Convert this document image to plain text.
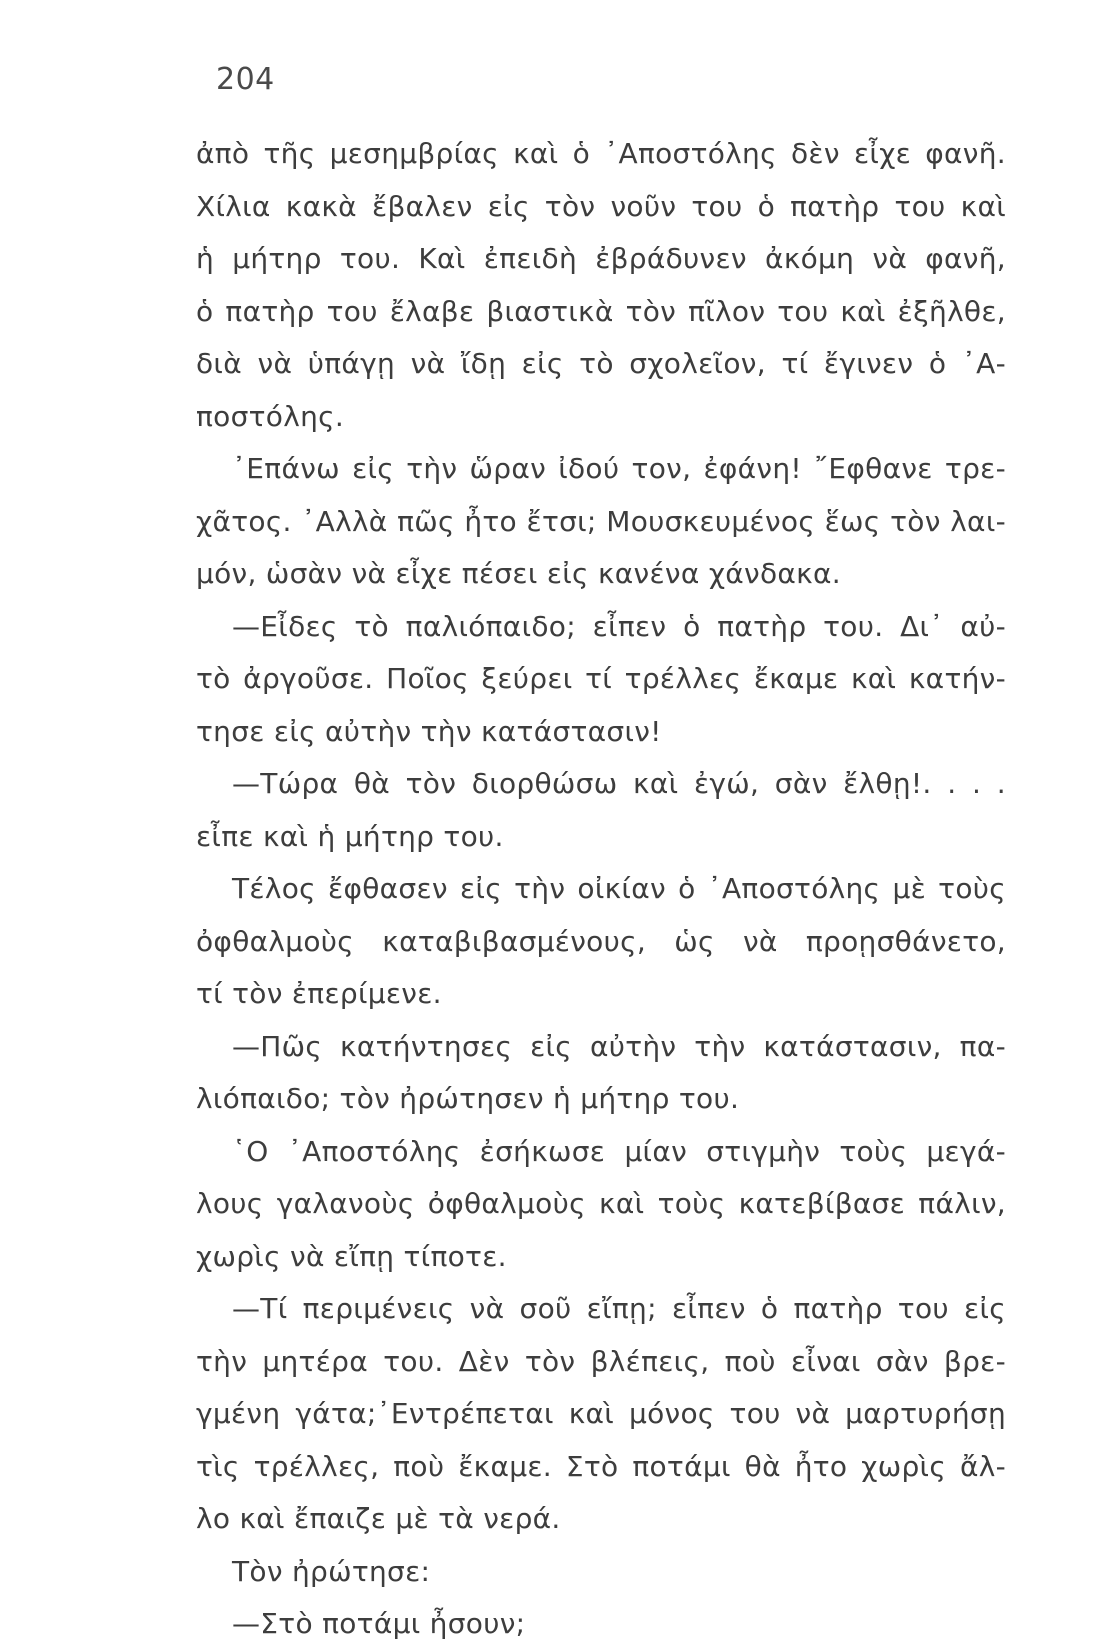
204
ἀπὸ τῆς μεσημβρίας καὶ ὁ ᾿Αποστόλης δὲν εἶχε φανῆ.
Χίλια κακὰ ἔβαλεν εἰς τὸν νοῦν του ὁ πατὴρ του καὶ
ἡ μήτηρ του. Καὶ ἐπειδὴ ἐβράδυνεν ἀκόμη νὰ φανῆ,
ὁ πατὴρ του ἔλαβε βιαστικὰ τὸν πῖλον του καὶ ἐξῆλθε,
διὰ νὰ ὑπάγῃ νὰ ἴδῃ εἰς τὸ σχολεῖον, τί ἔγινεν ὁ ᾿Α-
ποστόλης.
᾿Επάνω εἰς τὴν ὥραν ἰδού τον, ἐφάνη! ῎Εφθανε τρε-
χᾶτος. ᾿Αλλὰ πῶς ἦτο ἔτσι; Μουσκευμένος ἕως τὸν λαι-
μόν, ὡσὰν νὰ εἶχε πέσει εἰς κανένα χάνδακα.
—Εἶδες τὸ παλιόπαιδο; εἶπεν ὁ πατὴρ του. Δι᾿ αὐ-
τὸ ἀργοῦσε. Ποῖος ξεύρει τί τρέλλες ἔκαμε καὶ κατήν-
τησε εἰς αὐτὴν τὴν κατάστασιν!
—Τώρα θὰ τὸν διορθώσω καὶ ἐγώ, σὰν ἔλθῃ!. . . .
εἶπε καὶ ἡ μήτηρ του.
Τέλος ἔφθασεν εἰς τὴν οἰκίαν ὁ ᾿Αποστόλης μὲ τοὺς
ὀφθαλμοὺς καταβιβασμένους, ὡς νὰ προῃσθάνετο,
τί τὸν ἐπερίμενε.
—Πῶς κατήντησες εἰς αὐτὴν τὴν κατάστασιν, πα-
λιόπαιδο; τὸν ἠρώτησεν ἡ μήτηρ του.
῾Ο ᾿Αποστόλης ἐσήκωσε μίαν στιγμὴν τοὺς μεγά-
λους γαλανοὺς ὀφθαλμοὺς καὶ τοὺς κατεβίβασε πάλιν,
χωρὶς νὰ εἴπῃ τίποτε.
—Τί περιμένεις νὰ σοῦ εἴπῃ; εἶπεν ὁ πατὴρ του εἰς
τὴν μητέρα του. Δὲν τὸν βλέπεις, ποὺ εἶναι σὰν βρε-
γμένη γάτα;᾿Εντρέπεται καὶ μόνος του νὰ μαρτυρήσῃ
τὶς τρέλλες, ποὺ ἔκαμε. Στὸ ποτάμι θὰ ἦτο χωρὶς ἄλ-
λο καὶ ἔπαιζε μὲ τὰ νερά.
Τὸν ἠρώτησε:
—Στὸ ποτάμι ἦσουν;
